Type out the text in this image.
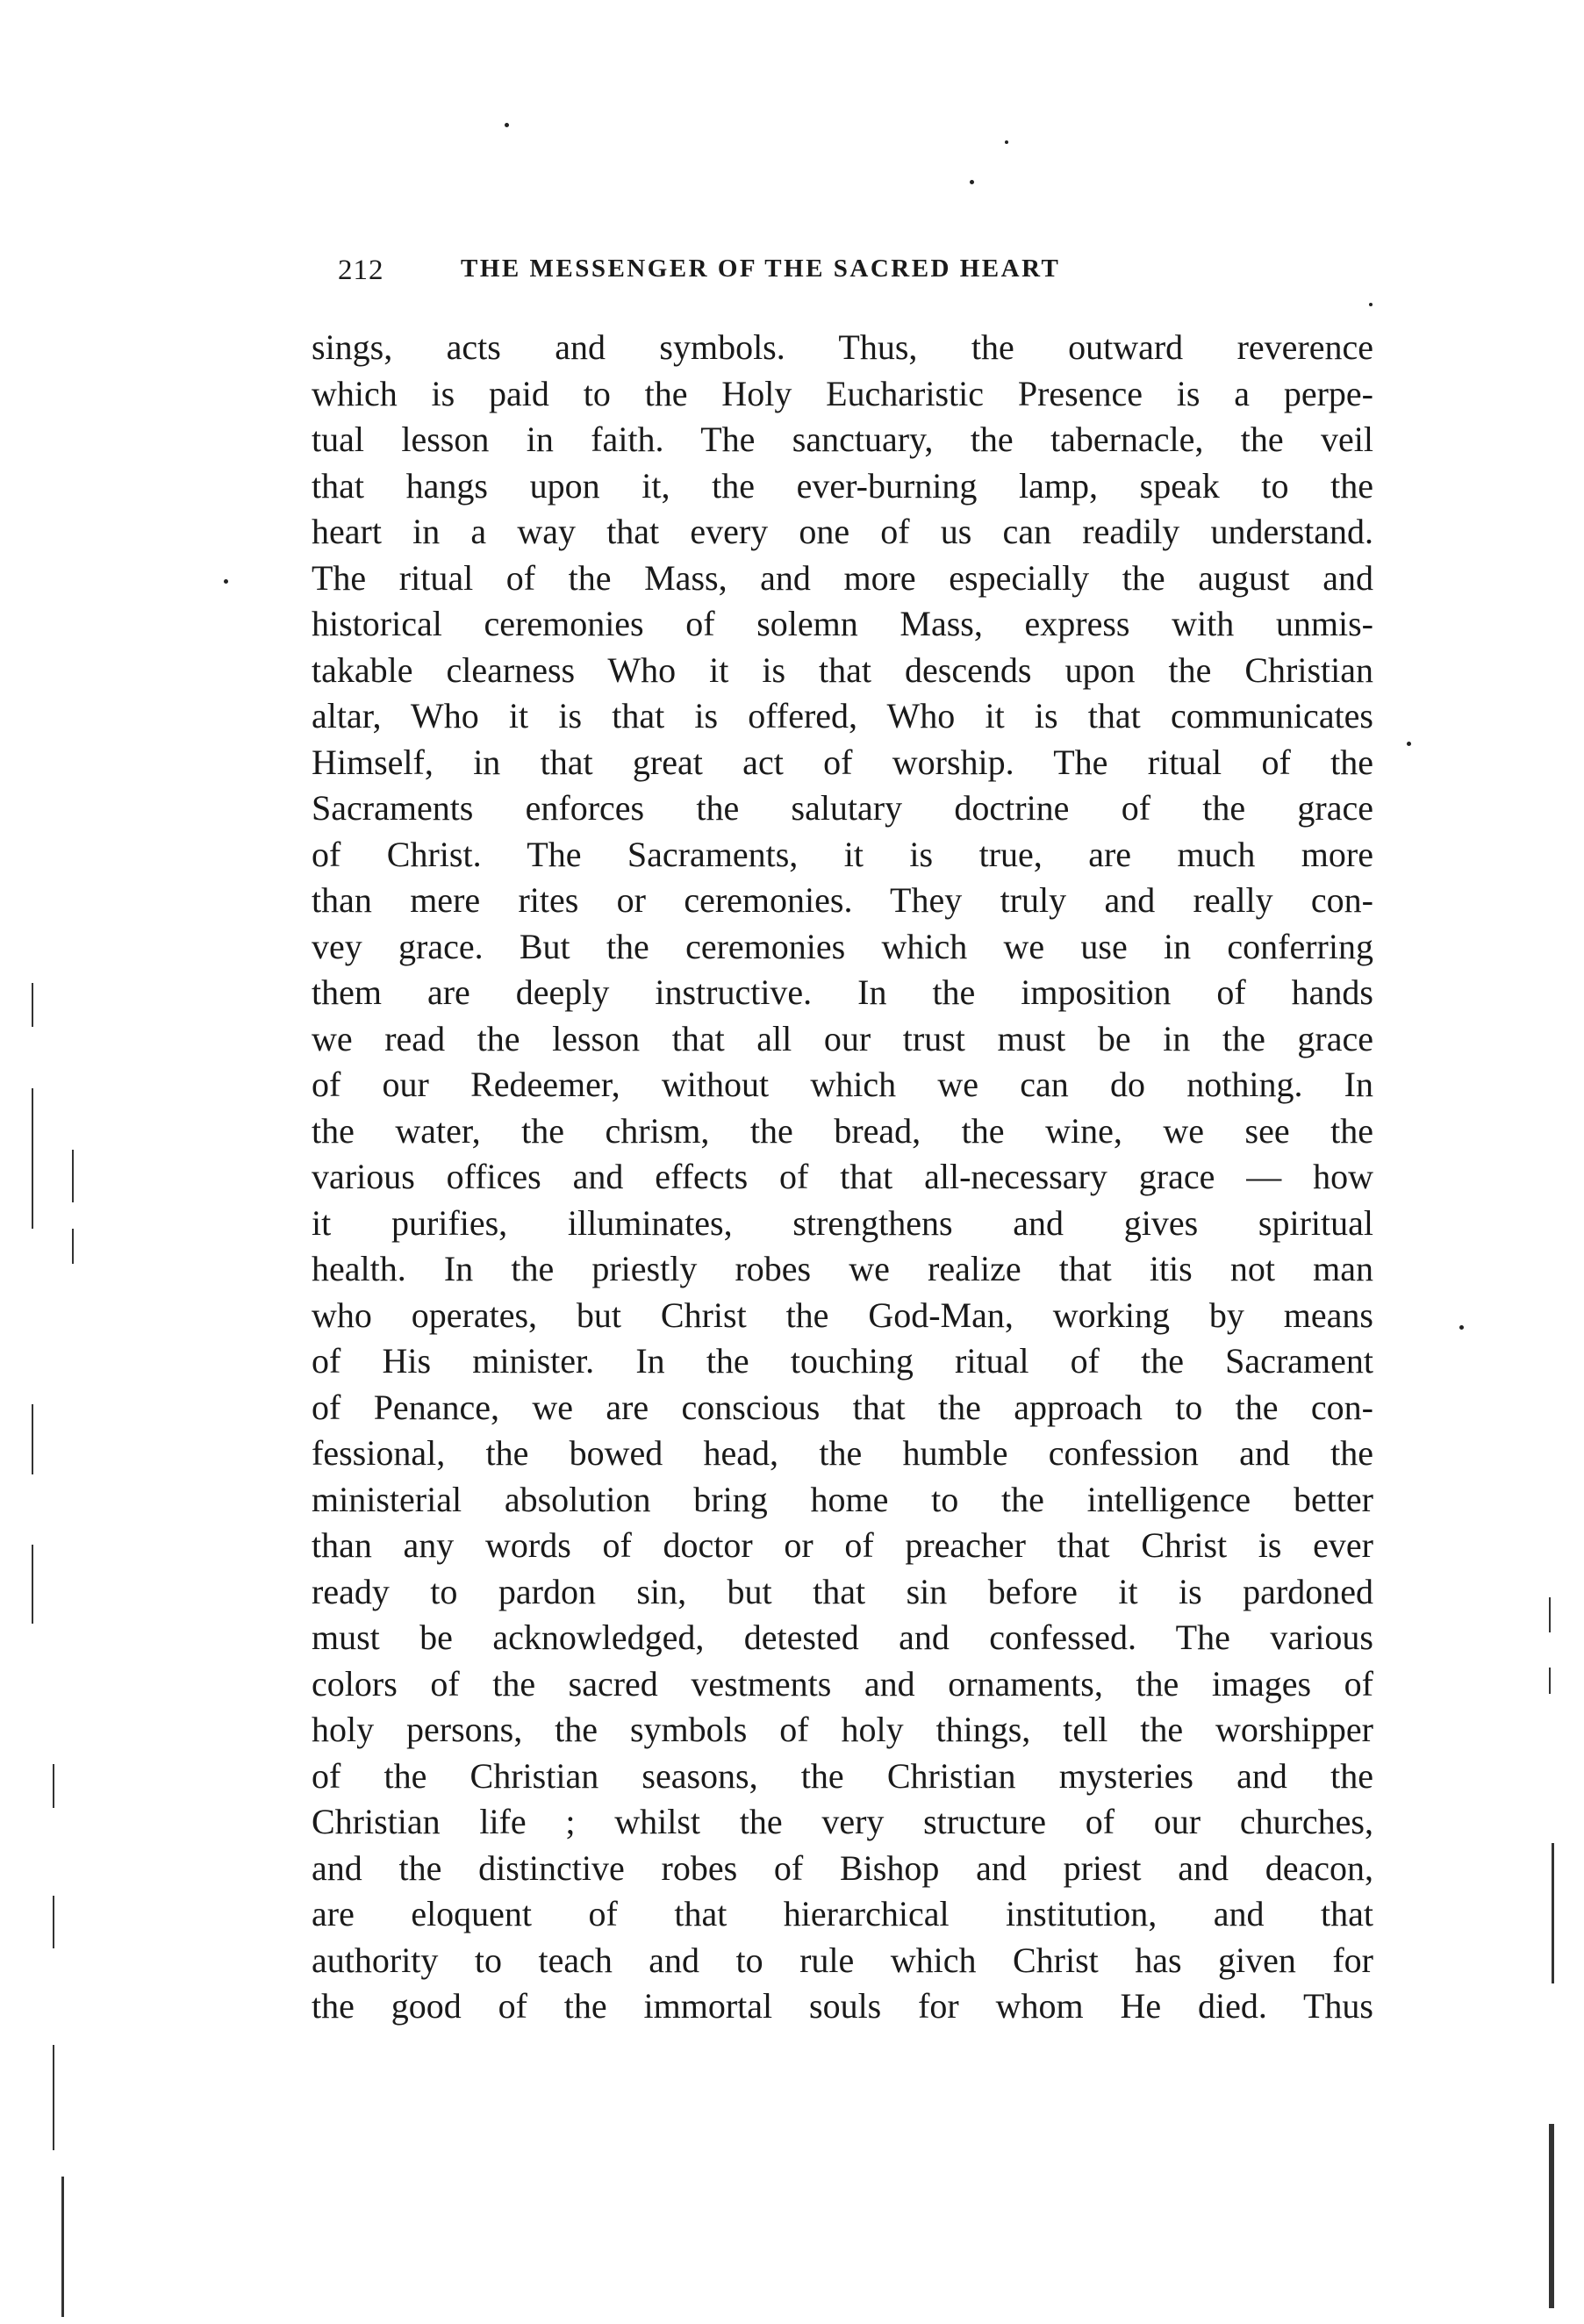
212	THE MESSENGER OF THE SACRED HEART
sings, acts and symbols. Thus, the outward reverence
which is paid to the Holy Eucharistic Presence is a perpe-
tual lesson in faith. The sanctuary, the tabernacle, the veil
that hangs upon it, the ever-burning lamp, speak to the
heart in a way that every one of us can readily understand.
The ritual of the Mass, and more especially the august and
historical ceremonies of solemn Mass, express with unmis-
takable clearness Who it is that descends upon the Christian
altar, Who it is that is offered, Who it is that communicates
Himself, in that great act of worship. The ritual of the
Sacraments enforces the salutary doctrine of the grace
of Christ. The Sacraments, it is true, are much more
than mere rites or ceremonies. They truly and really con-
vey grace. But the ceremonies which we use in conferring
them are deeply instructive. In the imposition of hands
we read the lesson that all our trust must be in the grace
of our Redeemer, without which we can do nothing. In
the water, the chrism, the bread, the wine, we see the
various offices and effects of that all-necessary grace — how
it purifies, illuminates, strengthens and gives spiritual
health. In the priestly robes we realize that itis not man
who operates, but Christ the God-Man, working by means
of His minister. In the touching ritual of the Sacrament
of Penance, we are conscious that the approach to the con-
fessional, the bowed head, the humble confession and the
ministerial absolution bring home to the intelligence better
than any words of doctor or of preacher that Christ is ever
ready to pardon sin, but that sin before it is pardoned
must be acknowledged, detested and confessed. The various
colors of the sacred vestments and ornaments, the images of
holy persons, the symbols of holy things, tell the worshipper
of the Christian seasons, the Christian mysteries and the
Christian life ; whilst the very structure of our churches,
and the distinctive robes of Bishop and priest and deacon,
are eloquent of that hierarchical institution, and that
authority to teach and to rule which Christ has given for
the good of the immortal souls for whom He died. Thus
